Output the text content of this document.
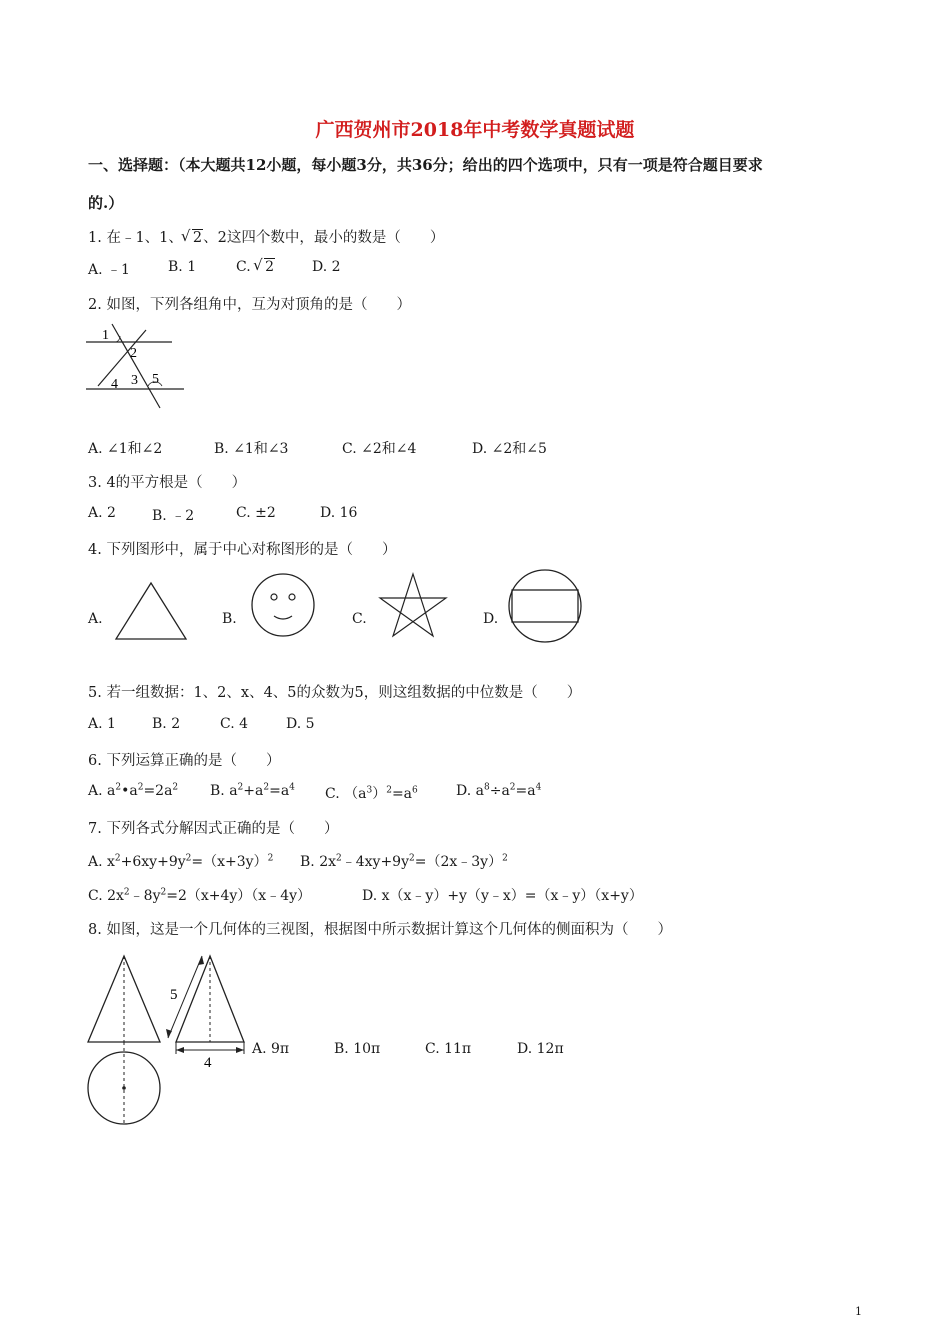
广西贺州市2018年中考数学真题试题
一、选择题：（本大题共12小题，每小题3分，共36分；给出的四个选项中，只有一项是符合题目要求
的.）
1. 在﹣1、1、 √ 2、2这四个数中，最小的数是（　　）
A. ﹣1	B. 1	C. √ 2	D. 2
2. 如图，下列各组角中，互为对顶角的是（　　）
1
2
3
4 5
A. ∠1和∠2	B. ∠1和∠3	C. ∠2和∠4	D. ∠2和∠5
3. 4的平方根是（　　）
A. 2	B. ﹣2	C. ±2	D. 16
4. 下列图形中，属于中心对称图形的是（　　）
A.	B.	C.	D.
5. 若一组数据：1、2、x、4、5的众数为5，则这组数据的中位数是（　　）
A. 1	B. 2	C. 4	D. 5
6. 下列运算正确的是（　　）
A. $a^2•a^2=2a^2$ B. $a^2+a^2=a^4$ C. $(a^3)^2=a^6$	D. $a^8\div a^2=a^4$
7. 下列各式分解因式正确的是（　　）
A. $x^2+6xy+9y^2=(x+3y)^2$ B. $2x^2﹣4xy+9y^2=(2x﹣3y)^2$
C. $2x^2﹣8y^2=2(x+4y)(x﹣4y)$	D. x（x﹣y）+y（y﹣x）=（x﹣y）（x+y）
8. 如图，这是一个几何体的三视图，根据图中所示数据计算这个几何体的侧面积为（　　）
5
4
A. 9π	B. 10π	C. 11π	D. 12π
1
